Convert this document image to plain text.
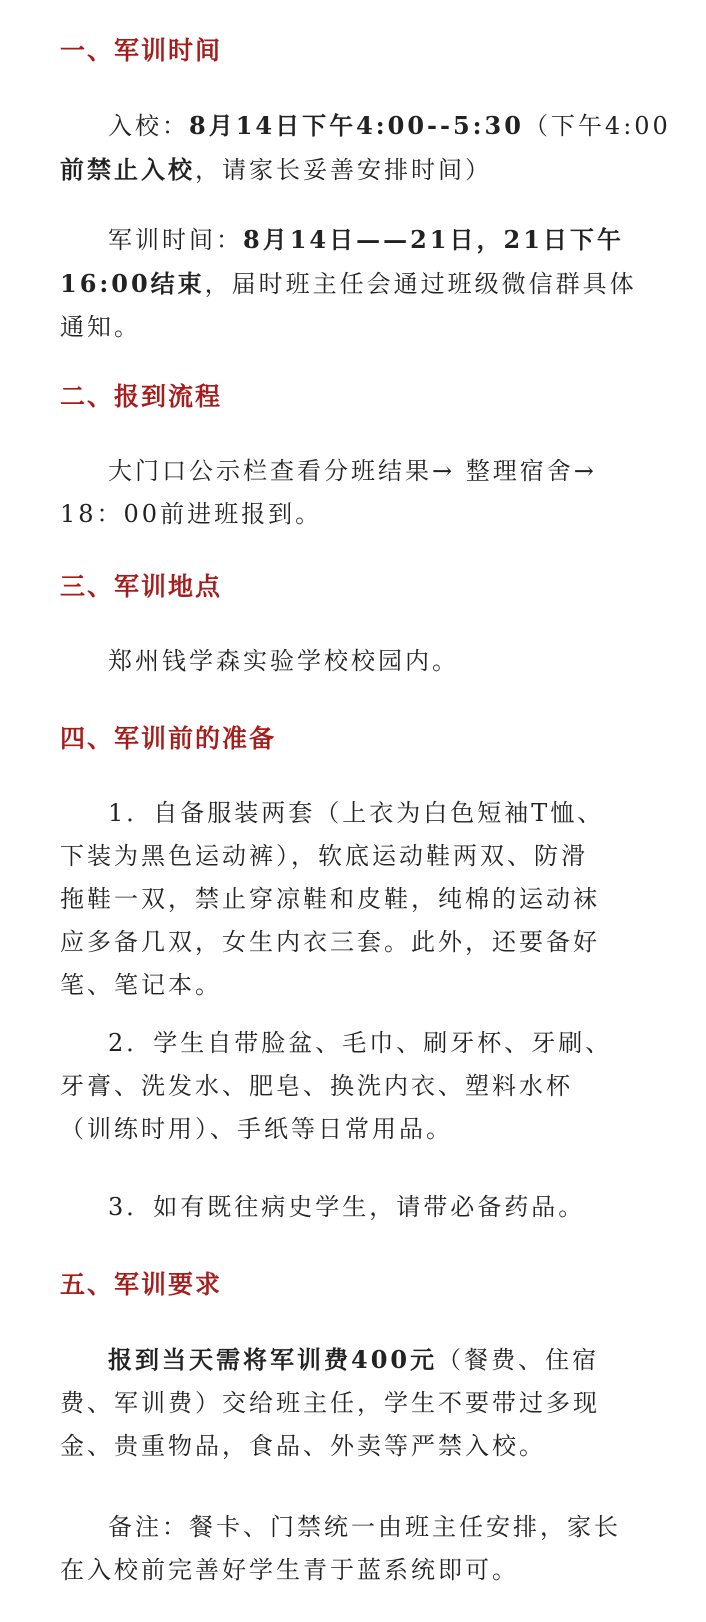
一、军训时间
入校：8月14日下午4:00--5:30（下午4:00
前禁止入校，请家长妥善安排时间）
军训时间：8月14日——21日，21日下午
16:00结束，届时班主任会通过班级微信群具体
通知。
二、报到流程
大门口公示栏查看分班结果→ 整理宿舍→
18：00前进班报到。
三、军训地点
郑州钱学森实验学校校园内。
四、军训前的准备
1．自备服装两套（上衣为白色短袖T恤、
下装为黑色运动裤），软底运动鞋两双、防滑
拖鞋一双，禁止穿凉鞋和皮鞋，纯棉的运动袜
应多备几双，女生内衣三套。此外，还要备好
笔、笔记本。
2．学生自带脸盆、毛巾、刷牙杯、牙刷、
牙膏、洗发水、肥皂、换洗内衣、塑料水杯
（训练时用）、手纸等日常用品。
3．如有既往病史学生，请带必备药品。
五、军训要求
报到当天需将军训费400元（餐费、住宿
费、军训费）交给班主任，学生不要带过多现
金、贵重物品，食品、外卖等严禁入校。
备注：餐卡、门禁统一由班主任安排，家长
在入校前完善好学生青于蓝系统即可。
